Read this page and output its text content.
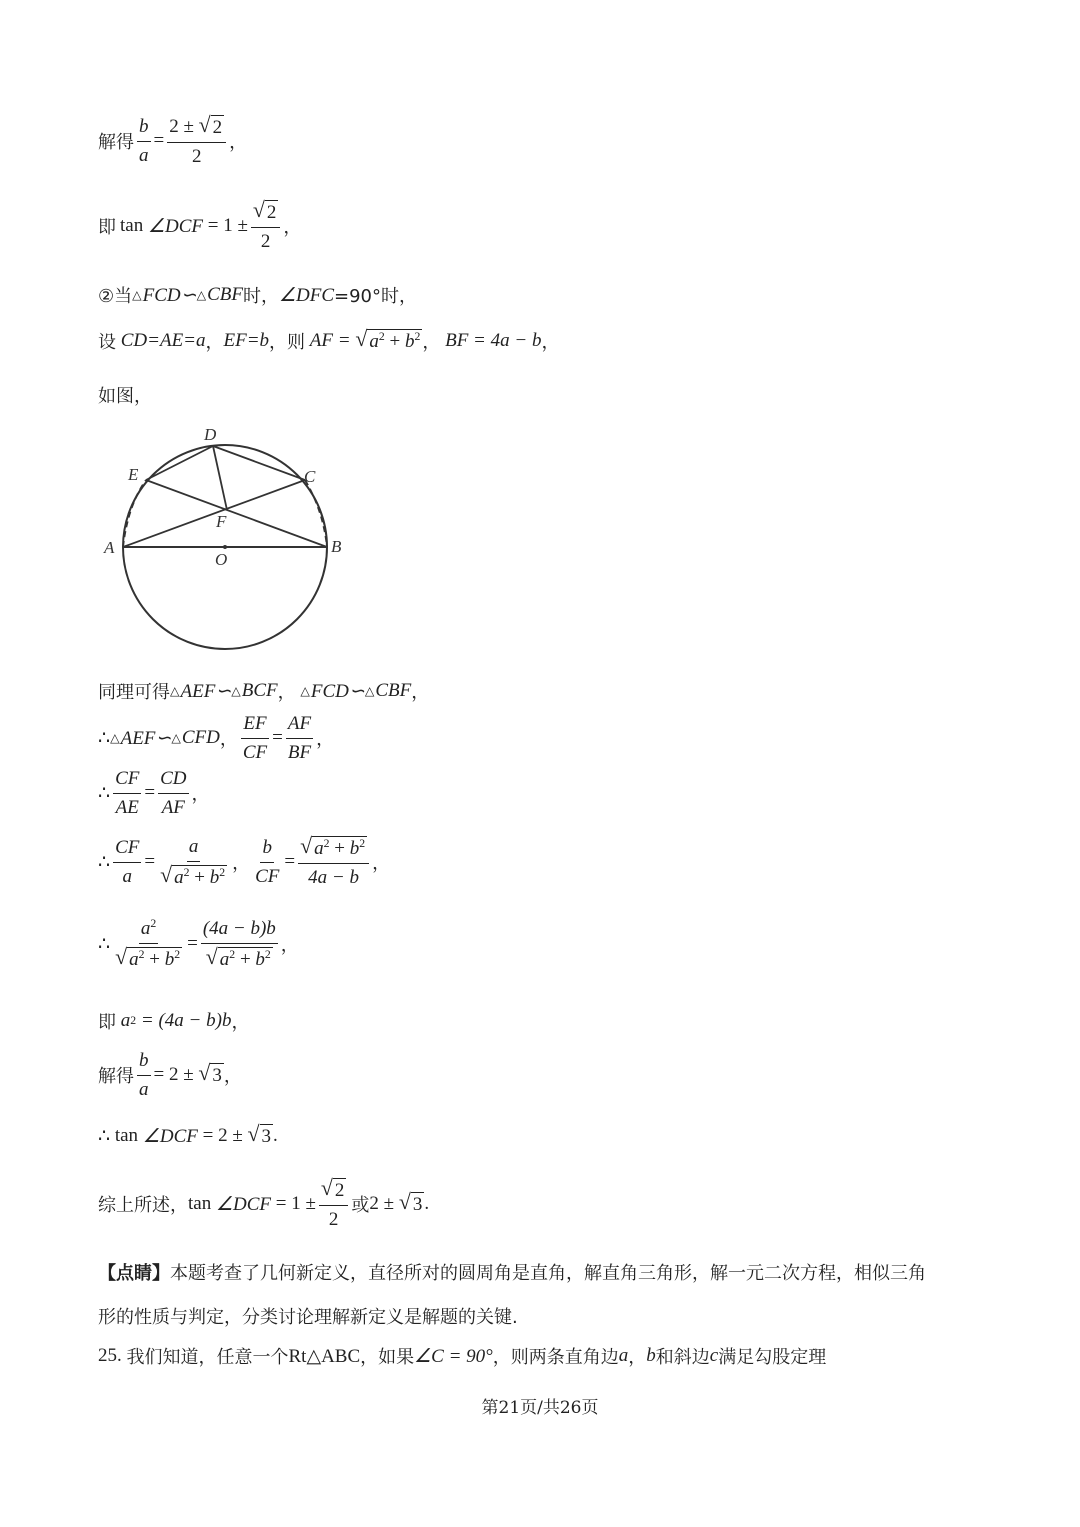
解得 $\frac{b}{a} = \frac{2 \pm √ 2}{2}$ ，
即 tan
∠DCF
= $1 \pm \frac{√ 2}{2}$ ，
②当 △ FCD∽ △ CBF 时， ∠DFC =90°时，
设
CD=AE=a ， EF=b ，则
AF =
√ $a^2 + b^2$ ，
BF = 4a − b ，
如图，
D
E	C
F
A	B
O
同理可得 △ AEF∽ △ BCF ，
△ FCD∽ △ CBF ，
∴ △ AEF∽ △ CFD ， $\frac{EF}{CF} = \frac{AF}{BF}$ ，
∴ $\frac{CF}{AE} = \frac{CD}{AF}$ ，
∴ $\frac{CF}{a} = \frac{a}{√ a^2 + b^2}$ ， $\frac{b}{CF} = \frac{√ a^2 + b^2}{4a - b}$ ，
∴ $\frac{a^2}{√ a^2 + b^2} = \frac{(4a - b)b}{√ a^2 + b^2}$ ，
即
a 2
= (4a − b)b ，
解得 $\frac{b}{a} = 2$ ±
√ 3 ，
∴
tan
∠DCF
= 2 ±
√ 3 .
综上所述， tan
∠DCF
= $1 \pm \frac{√ 2}{2}$ 或 2 ±
√ 3 .
【点睛】 本题考查了几何新定义，直径所对的圆周角是直角，解直角三角形，解一元二次方程，相似三角
形的性质与判定，分类讨论理解新定义是解题的关键.
25.
我们知道，任意一个 Rt△ABC ，如果 ∠C = 90° ，则两条直角边 a ， b 和斜边 c 满足勾股定理
第21页/共26页
